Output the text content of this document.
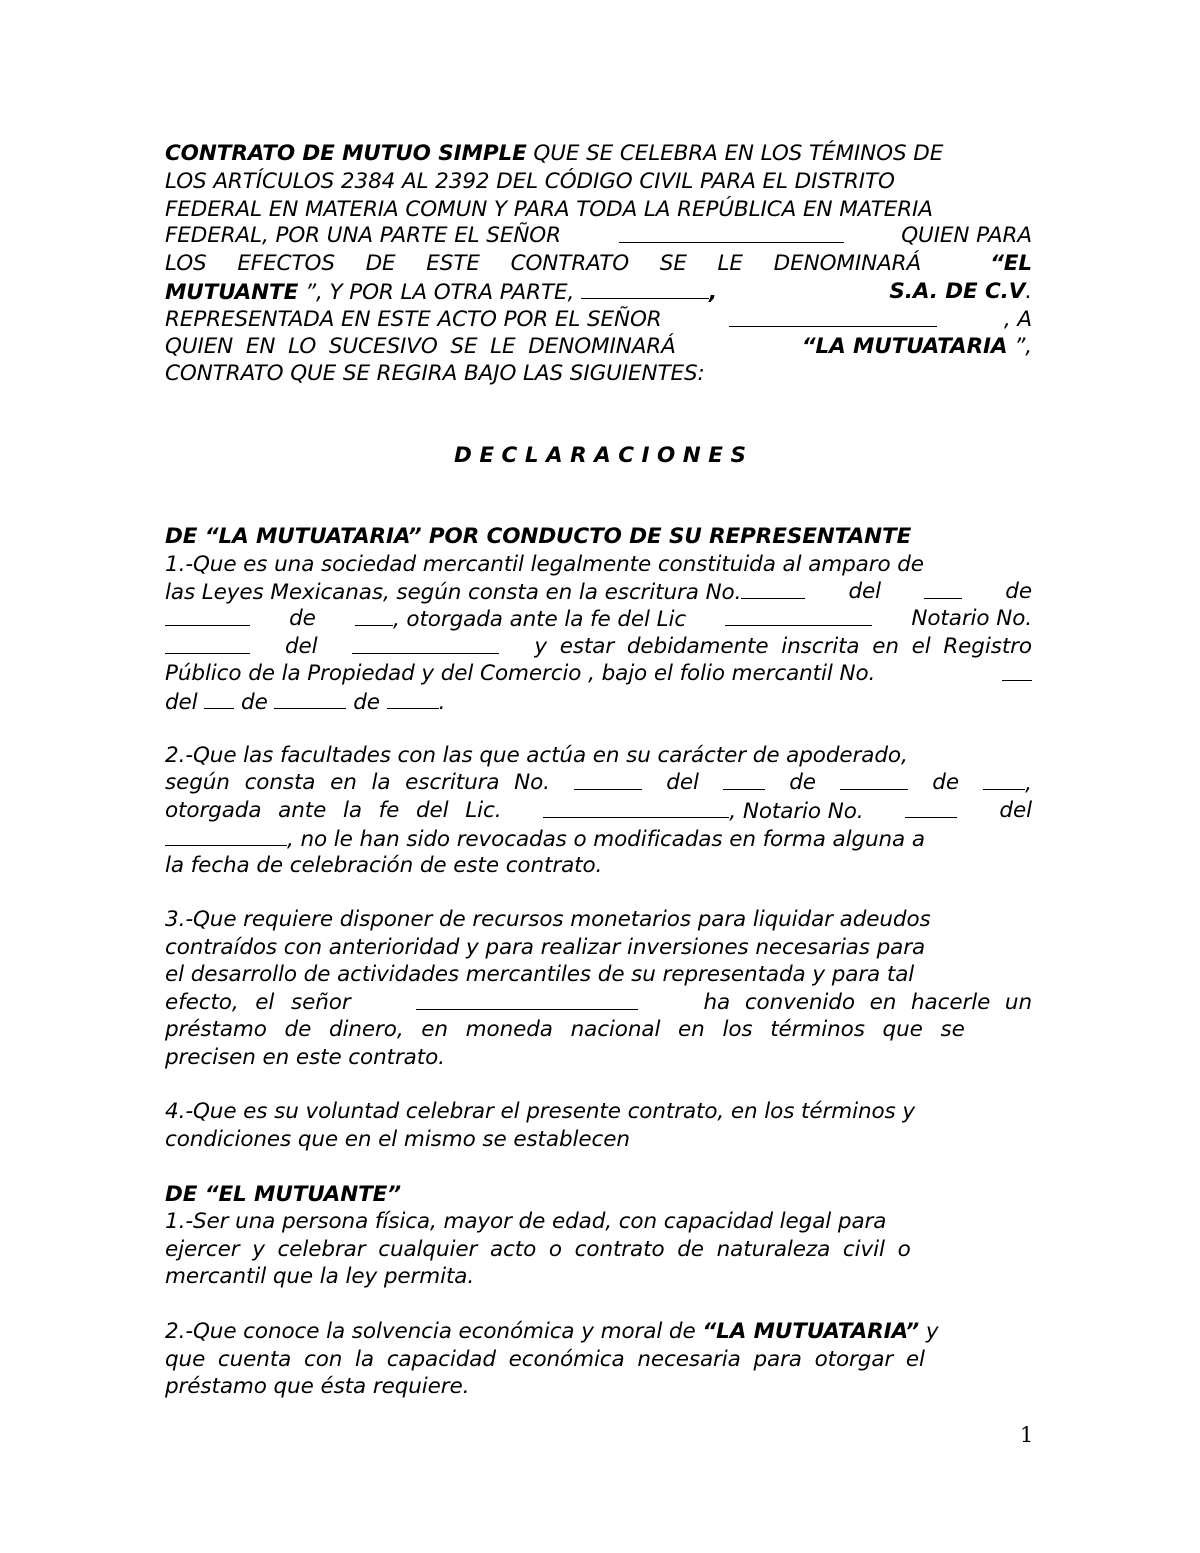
CONTRATO DE MUTUO SIMPLE QUE SE CELEBRA EN LOS TÉMINOS DE
LOS ARTÍCULOS 2384 AL 2392 DEL CÓDIGO CIVIL PARA EL DISTRITO
FEDERAL EN MATERIA COMUN Y PARA TODA LA REPÚBLICA EN MATERIA
FEDERAL, POR UNA PARTE EL SEÑOR	QUIEN PARA
LOS EFECTOS DE ESTE CONTRATO SE LE DENOMINARÁ	“EL
MUTUANTE ”, Y POR LA OTRA PARTE,	,	S.A. DE C.V.
REPRESENTADA EN ESTE ACTO POR EL SEÑOR	, A
QUIEN EN LO SUCESIVO SE LE DENOMINARÁ	“LA MUTUATARIA ”,
CONTRATO QUE SE REGIRA BAJO LAS SIGUIENTES:
D E C L A R A C I O N E S
DE “LA MUTUATARIA” POR CONDUCTO DE SU REPRESENTANTE
1.-Que es una sociedad mercantil legalmente constituida al amparo de
las Leyes Mexicanas, según consta en la escritura No.	del	de
de	, otorgada ante la fe del Lic	Notario No.
del	y estar debidamente inscrita en el Registro
Público de la Propiedad y del Comercio , bajo el folio mercantil No.
del de	de	.
2.-Que las facultades con las que actúa en su carácter de apoderado,
según consta en la escritura No.	del	de	de	,
otorgada ante la fe del Lic.	, Notario No.	del
, no le han sido revocadas o modificadas en forma alguna a
la fecha de celebración de este contrato.
3.-Que requiere disponer de recursos monetarios para liquidar adeudos
contraídos con anterioridad y para realizar inversiones necesarias para
el desarrollo de actividades mercantiles de su representada y para tal
efecto, el señor	ha convenido en hacerle un
préstamo de dinero, en moneda nacional en los términos que se
precisen en este contrato.
4.-Que es su voluntad celebrar el presente contrato, en los términos y
condiciones que en el mismo se establecen
DE “EL MUTUANTE”
1.-Ser una persona física, mayor de edad, con capacidad legal para
ejercer y celebrar cualquier acto o contrato de naturaleza civil o
mercantil que la ley permita.
2.-Que conoce la solvencia económica y moral de “LA MUTUATARIA” y
que cuenta con la capacidad económica necesaria para otorgar el
préstamo que ésta requiere.
1
